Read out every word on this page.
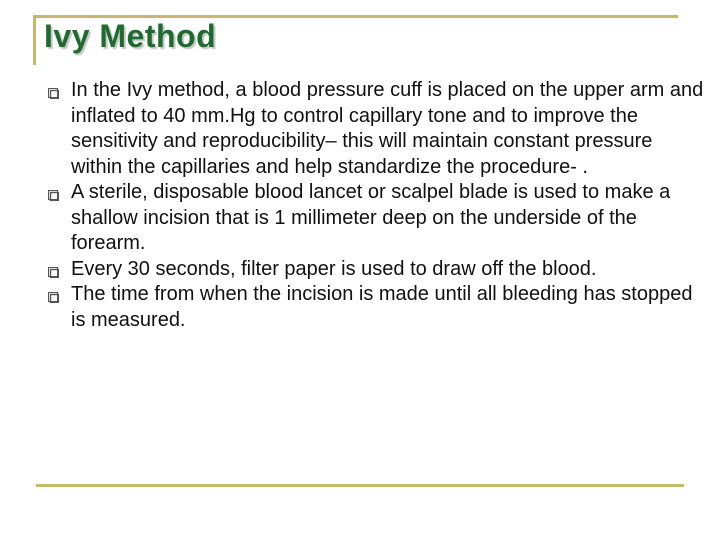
Ivy Method
In the Ivy method, a blood pressure cuff is placed on the upper arm and inflated to 40 mm.Hg to control capillary tone and to improve the sensitivity and reproducibility– this will maintain constant pressure within the capillaries and help standardize the procedure- .
A sterile, disposable blood lancet or scalpel blade is used to make a shallow incision that is 1 millimeter deep on the underside of the forearm.
Every 30 seconds, filter paper is used to draw off the blood.
The time from when the incision is made until all bleeding has stopped is measured.
